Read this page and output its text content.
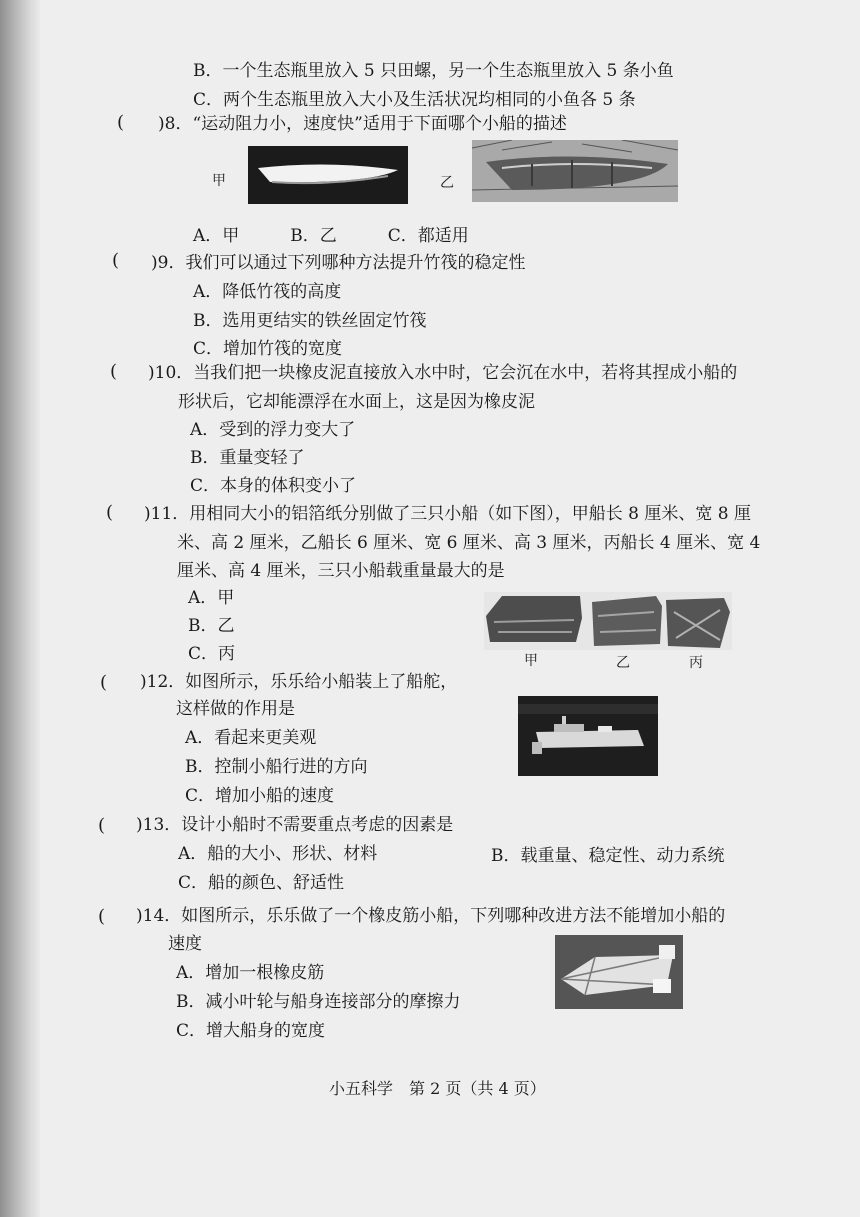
B．一个生态瓶里放入 5 只田螺，另一个生态瓶里放入 5 条小鱼
C．两个生态瓶里放入大小及生活状况均相同的小鱼各 5 条
( )8．“运动阻力小，速度快”适用于下面哪个小船的描述
甲	乙
A．甲　　　B．乙　　　C．都适用
( )9．我们可以通过下列哪种方法提升竹筏的稳定性
A．降低竹筏的高度
B．选用更结实的铁丝固定竹筏
C．增加竹筏的宽度
( )10．当我们把一块橡皮泥直接放入水中时，它会沉在水中，若将其捏成小船的
形状后，它却能漂浮在水面上，这是因为橡皮泥
A．受到的浮力变大了
B．重量变轻了
C．本身的体积变小了
( )11．用相同大小的铝箔纸分别做了三只小船（如下图），甲船长 8 厘米、宽 8 厘
米、高 2 厘米，乙船长 6 厘米、宽 6 厘米、高 3 厘米，丙船长 4 厘米、宽 4
厘米、高 4 厘米，三只小船载重量最大的是
A．甲
B．乙
C．丙	甲	乙	丙
( )12．如图所示，乐乐给小船装上了船舵，
这样做的作用是
A．看起来更美观
B．控制小船行进的方向
C．增加小船的速度
( )13．设计小船时不需要重点考虑的因素是
A．船的大小、形状、材料	B．载重量、稳定性、动力系统
C．船的颜色、舒适性
( )14．如图所示，乐乐做了一个橡皮筋小船，下列哪种改进方法不能增加小船的
速度
A．增加一根橡皮筋
B．减小叶轮与船身连接部分的摩擦力
C．增大船身的宽度
小五科学　第 2 页（共 4 页）
